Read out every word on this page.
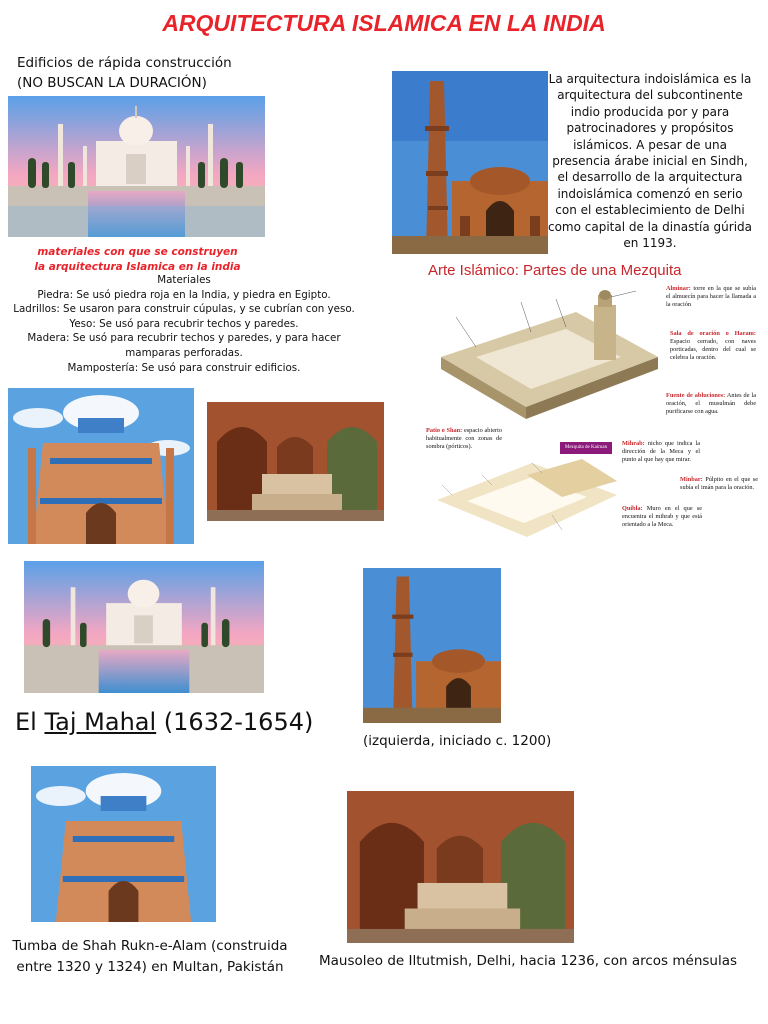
ARQUITECTURA ISLAMICA EN LA INDIA
Edificios de rápida construcción
(NO BUSCAN LA DURACIÓN)	La arquitectura indoislámica es la arquitectura del subcontinente indio producida por y para patrocinadores y propósitos islámicos. A pesar de una presencia árabe inicial en Sindh, el desarrollo de la arquitectura indoislámica comenzó en serio con el establecimiento de Delhi como capital de la dinastía gúrida en 1193.
materiales con que se construyen
la arquitectura Islamica en la india
Materiales
Piedra: Se usó piedra roja en la India, y piedra en Egipto.
Ladrillos: Se usaron para construir cúpulas, y se cubrían con yeso.
Yeso: Se usó para recubrir techos y paredes.
Madera: Se usó para recubrir techos y paredes, y para hacer mamparas perforadas.
Mampostería: Se usó para construir edificios.
Arte Islámico: Partes de una Mezquita
Alminar: torre en la que se subía el almuecín para hacer la llamada a la oración
Sala de oración o Haram: Espacio cerrado, con naves porticadas, dentro del cual se celebra la oración.
Fuente de abluciones: Antes de la oración, el musulmán debe purificarse con agua.
Patio o Shan: espacio abierto habitualmente con zonas de sombra (pórticos).	Mihrab: nicho que indica la dirección de la Meca y el punto al que hay que mirar.
Minbar: Púlpito en el que se subía el imán para la oración.
Quibla: Muro en el que se encuentra el mihrab y que está orientado a la Meca.
Mezquita de Kairuan
El Taj Mahal (1632-1654)
(izquierda, iniciado c. 1200)
Tumba de Shah Rukn-e-Alam (construida
entre 1320 y 1324) en Multan, Pakistán	Mausoleo de Iltutmish, Delhi, hacia 1236, con arcos ménsulas
